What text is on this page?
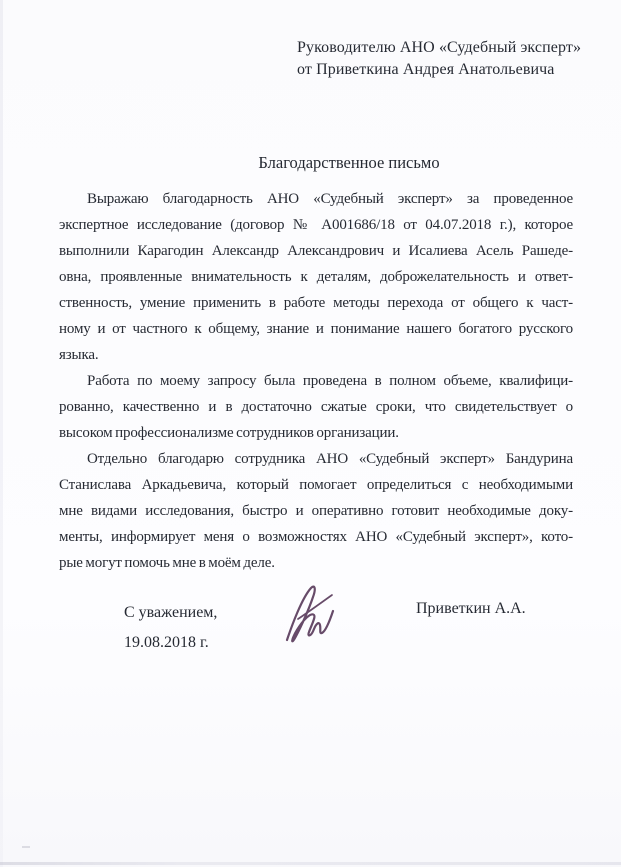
Руководителю АНО «Судебный эксперт»
от Приветкина Андрея Анатольевича
Благодарственное письмо
Выражаю благодарность АНО «Судебный эксперт» за проведенное
экспертное исследование (договор № А001686/18 от 04.07.2018 г.), которое
выполнили Карагодин Александр Александрович и Исалиева Асель Рашеде-
овна, проявленные внимательность к деталям, доброжелательность и ответ-
ственность, умение применить в работе методы перехода от общего к част-
ному и от частного к общему, знание и понимание нашего богатого русского
языка.
Работа по моему запросу была проведена в полном объеме, квалифици-
рованно, качественно и в достаточно сжатые сроки, что свидетельствует о
высоком профессионализме сотрудников организации.
Отдельно благодарю сотрудника АНО «Судебный эксперт» Бандурина
Станислава Аркадьевича, который помогает определиться с необходимыми
мне видами исследования, быстро и оперативно готовит необходимые доку-
менты, информирует меня о возможностях АНО «Судебный эксперт», кото-
рые могут помочь мне в моём деле.
С уважением,
19.08.2018 г.
Приветкин А.А.
